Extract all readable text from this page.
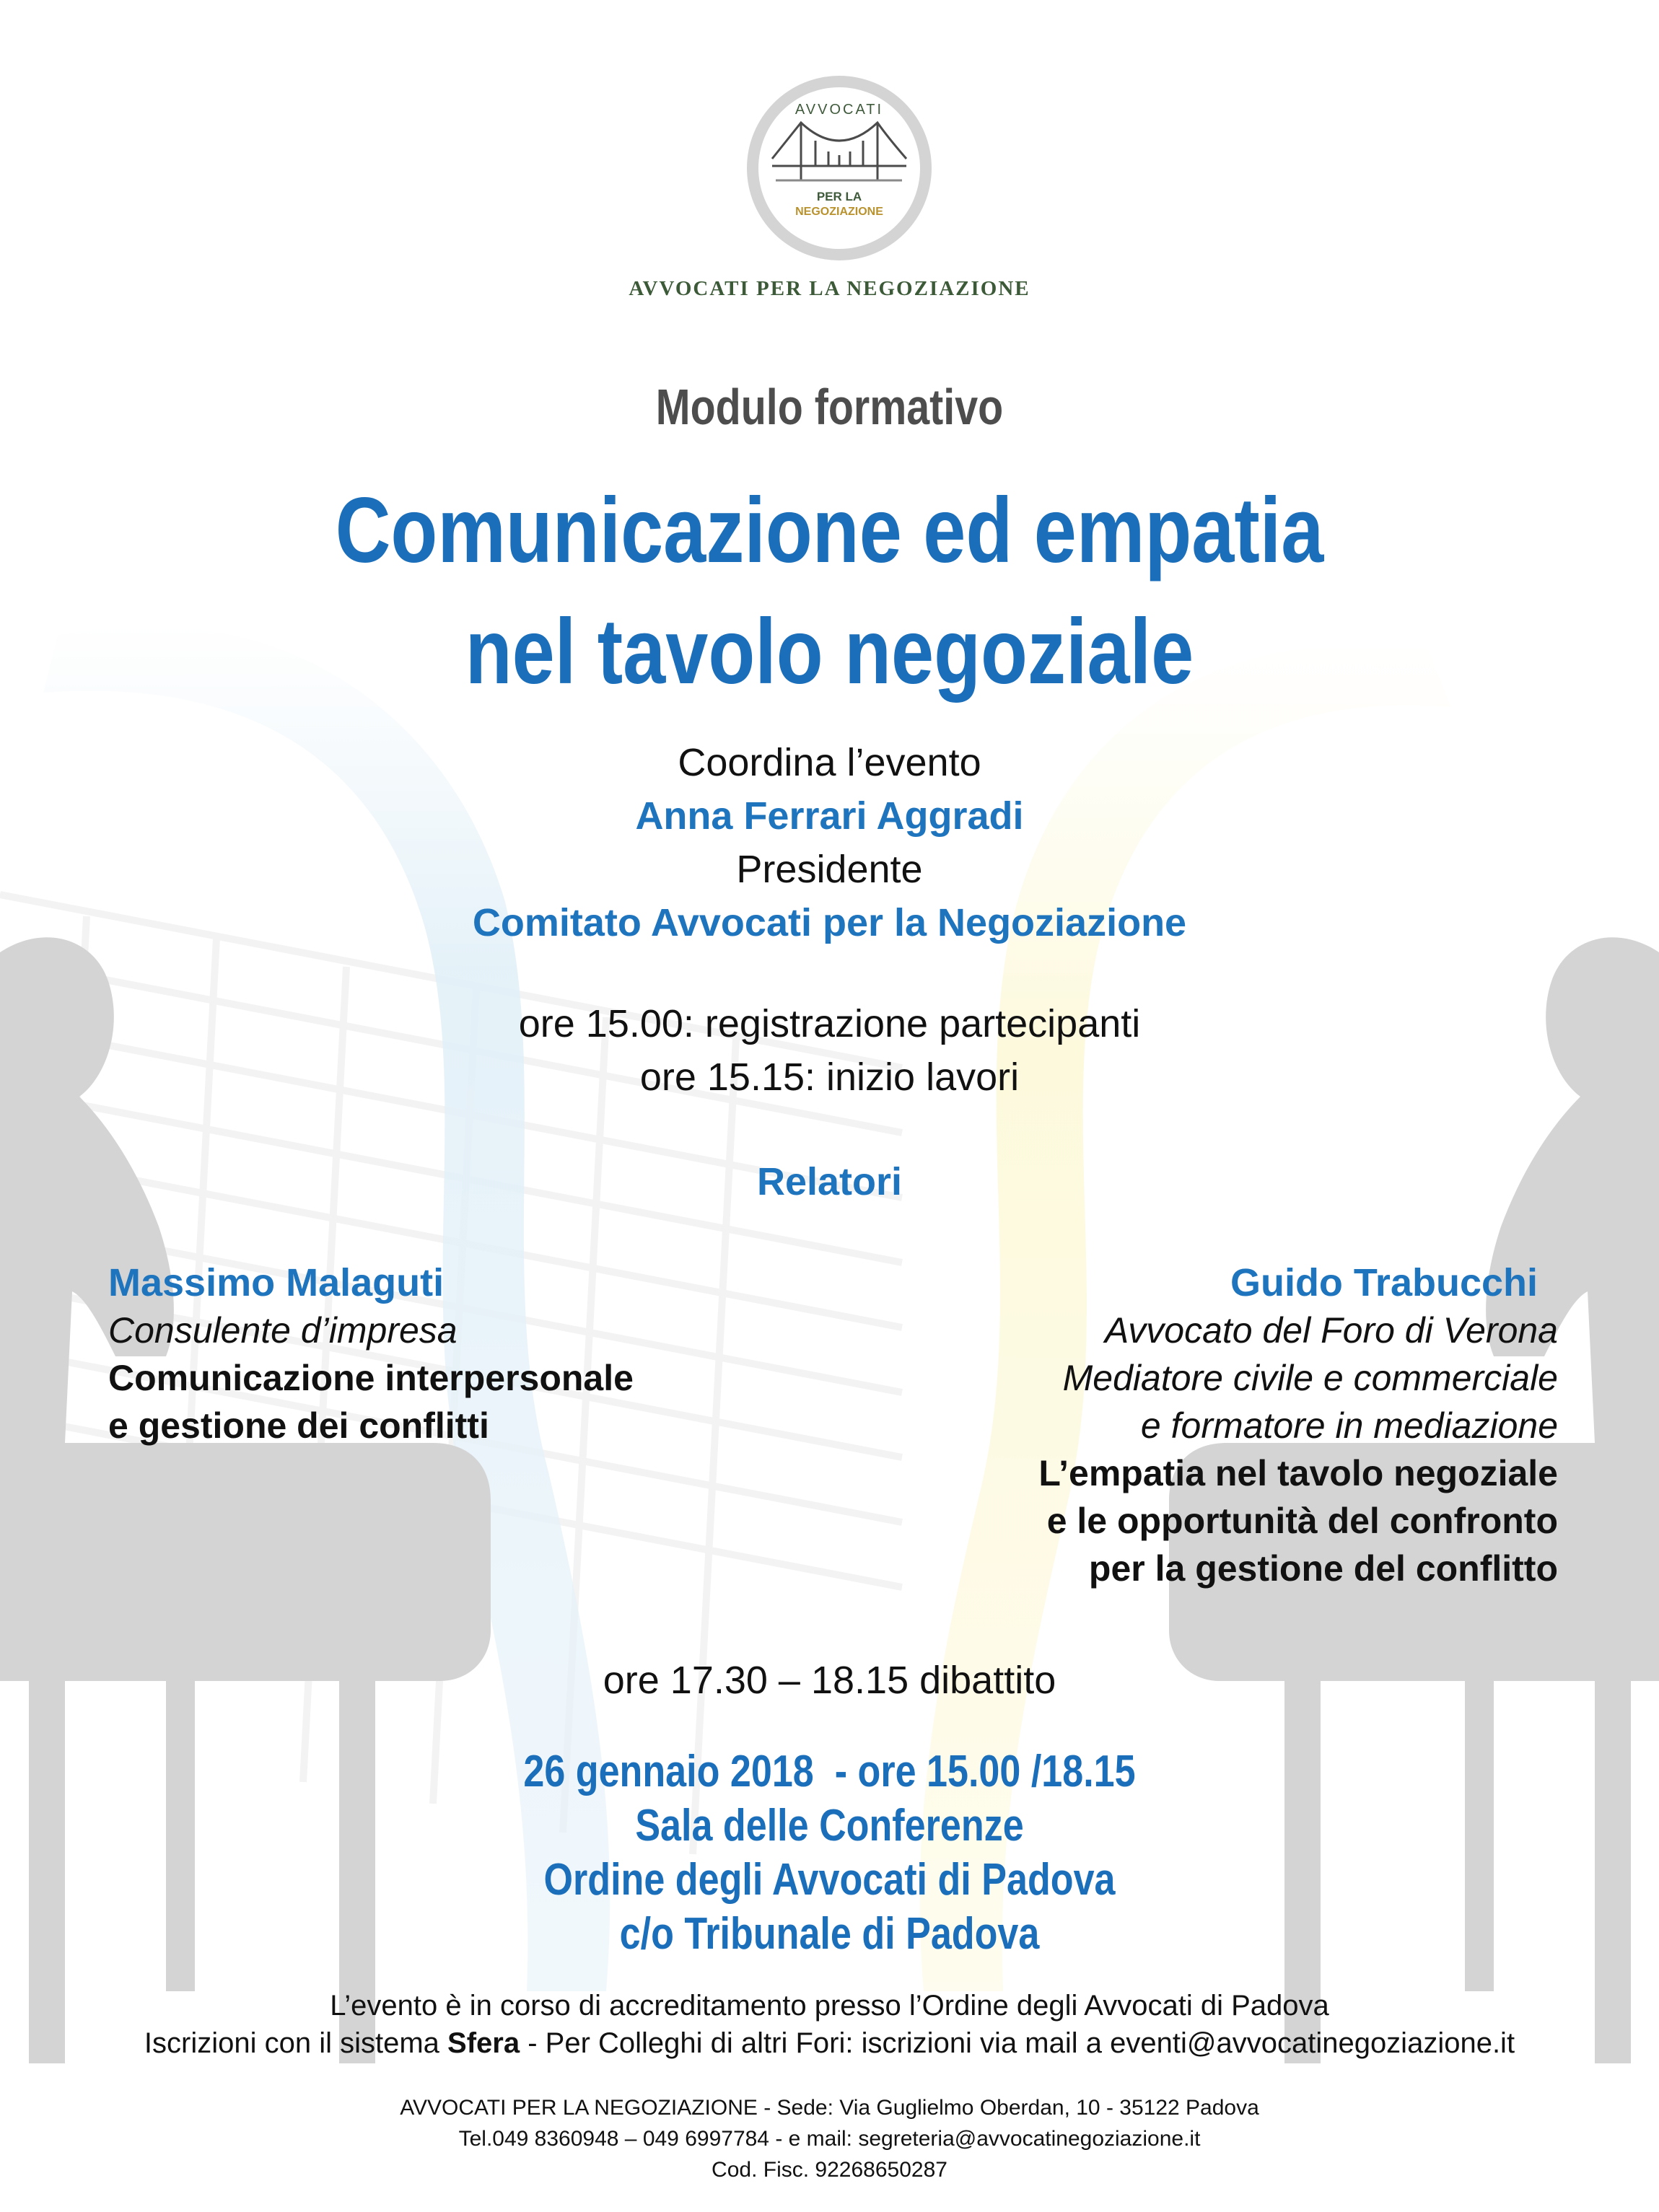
AVVOCATI
PER LA
NEGOZIAZIONE
AVVOCATI PER LA NEGOZIAZIONE
Modulo formativo
Comunicazione ed empatia
nel tavolo negoziale
Coordina l’evento
Anna Ferrari Aggradi
Presidente
Comitato Avvocati per la Negoziazione
ore 15.00: registrazione partecipanti
ore 15.15: inizio lavori
Relatori
Massimo Malaguti
Consulente d’impresa
Comunicazione interpersonale
e gestione dei conflitti
Guido Trabucchi
Avvocato del Foro di Verona
Mediatore civile e commerciale
e formatore in mediazione
L’empatia nel tavolo negoziale
e le opportunità del confronto
per la gestione del conflitto
ore 17.30 – 18.15 dibattito
26 gennaio 2018  - ore 15.00 /18.15
Sala delle Conferenze
Ordine degli Avvocati di Padova
c/o Tribunale di Padova
L’evento è in corso di accreditamento presso l’Ordine degli Avvocati di Padova
Iscrizioni con il sistema Sfera - Per Colleghi di altri Fori: iscrizioni via mail a eventi@avvocatinegoziazione.it
AVVOCATI PER LA NEGOZIAZIONE - Sede: Via Guglielmo Oberdan, 10 - 35122 Padova
Tel.049 8360948 – 049 6997784 - e mail: segreteria@avvocatinegoziazione.it
Cod. Fisc. 92268650287
